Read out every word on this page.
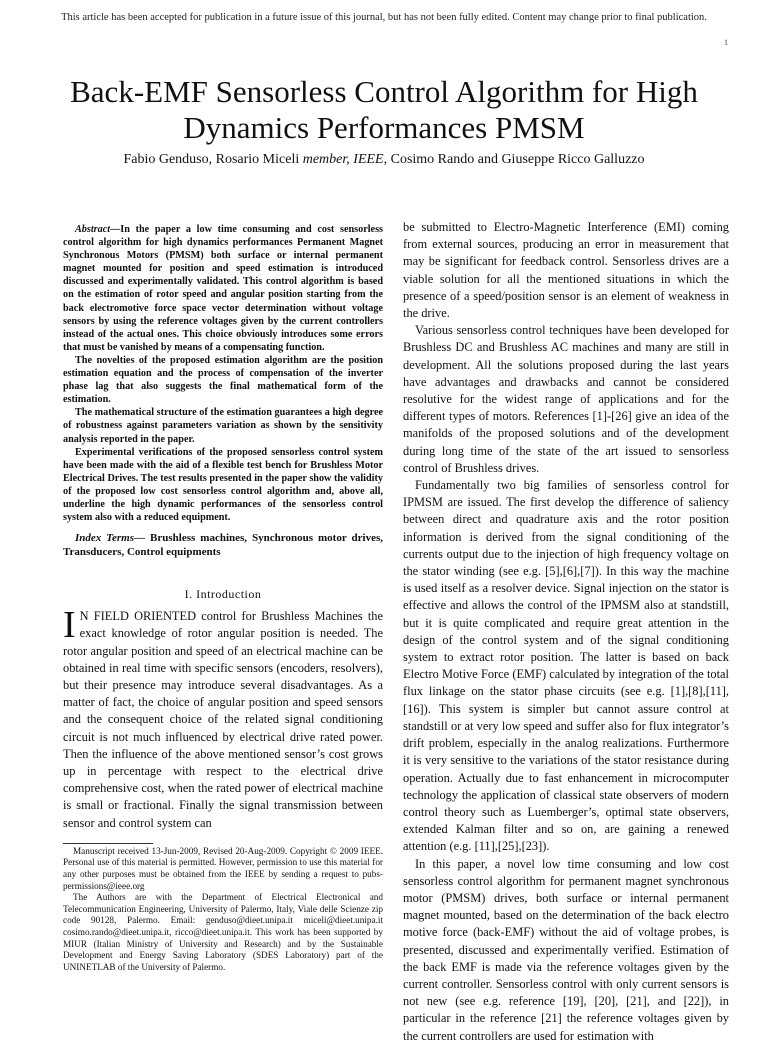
This article has been accepted for publication in a future issue of this journal, but has not been fully edited. Content may change prior to final publication.
1
Back-EMF Sensorless Control Algorithm for High Dynamics Performances PMSM
Fabio Genduso, Rosario Miceli member, IEEE, Cosimo Rando and Giuseppe Ricco Galluzzo

Abstract—In the paper a low time consuming and cost sensorless control algorithm for high dynamics performances Permanent Magnet Synchronous Motors (PMSM) both surface or internal permanent magnet mounted for position and speed estimation is introduced discussed and experimentally validated. This control algorithm is based on the estimation of rotor speed and angular position starting from the back electromotive force space vector determination without voltage sensors by using the reference voltages given by the current controllers instead of the actual ones. This choice obviously introduces some errors that must be vanished by means of a compensating function.

The novelties of the proposed estimation algorithm are the position estimation equation and the process of compensation of the inverter phase lag that also suggests the final mathematical form of the estimation.

The mathematical structure of the estimation guarantees a high degree of robustness against parameters variation as shown by the sensitivity analysis reported in the paper.

Experimental verifications of the proposed sensorless control system have been made with the aid of a flexible test bench for Brushless Motor Electrical Drives. The test results presented in the paper show the validity of the proposed low cost sensorless control algorithm and, above all, underline the high dynamic performances of the sensorless control system also with a reduced equipment.

Index Terms— Brushless machines, Synchronous motor drives, Transducers, Control equipments
I. Introduction

I N FIELD ORIENTED control for Brushless Machines the exact knowledge of rotor angular position is needed. The rotor angular position and speed of an electrical machine can be obtained in real time with specific sensors (encoders, resolvers), but their presence may introduce several disadvantages. As a matter of fact, the choice of angular position and speed sensors and the consequent choice of the related signal conditioning circuit is not much influenced by electrical drive rated power. Then the influence of the above mentioned sensor’s cost grows up in percentage with respect to the electrical drive comprehensive cost, when the rated power of electrical machine is small or fractional. Finally the signal transmission between sensor and control system can

Manuscript received 13-Jun-2009, Revised 20-Aug-2009. Copyright © 2009 IEEE. Personal use of this material is permitted. However, permission to use this material for any other purposes must be obtained from the IEEE by sending a request to pubs-permissions@ieee.org

The Authors are with the Department of Electrical Electronical and Telecommunication Engineering, University of Palermo, Italy, Viale delle Scienze zip code 90128, Palermo. Email: genduso@dieet.unipa.it miceli@dieet.unipa.it cosimo.rando@dieet.unipa.it, ricco@dieet.unipa.it. This work has been supported by MIUR (Italian Ministry of University and Research) and by the Sustainable Development and Energy Saving Laboratory (SDES Laboratory) part of the UNINETLAB of the University of Palermo.

be submitted to Electro-Magnetic Interference (EMI) coming from external sources, producing an error in measurement that may be significant for feedback control. Sensorless drives are a viable solution for all the mentioned situations in which the presence of a speed/position sensor is an element of weakness in the drive.

Various sensorless control techniques have been developed for Brushless DC and Brushless AC machines and many are still in development. All the solutions proposed during the last years have advantages and drawbacks and cannot be considered resolutive for the widest range of applications and for the different types of motors. References [1]-[26] give an idea of the manifolds of the proposed solutions and of the development during long time of the state of the art issued to sensorless control of Brushless drives.

Fundamentally two big families of sensorless control for IPMSM are issued. The first develop the difference of saliency between direct and quadrature axis and the rotor position information is derived from the signal conditioning of the currents output due to the injection of high frequency voltage on the stator winding (see e.g. [5],[6],[7]). In this way the machine is used itself as a resolver device. Signal injection on the stator is effective and allows the control of the IPMSM also at standstill, but it is quite complicated and require great attention in the design of the control system and of the signal conditioning system to extract rotor position. The latter is based on back Electro Motive Force (EMF) calculated by integration of the total flux linkage on the stator phase circuits (see e.g. [1],[8],[11],[16]). This system is simpler but cannot assure control at standstill or at very low speed and suffer also for flux integrator’s drift problem, especially in the analog realizations. Furthermore it is very sensitive to the variations of the stator resistance during operation. Actually due to fast enhancement in microcomputer technology the application of classical state observers of modern control theory such as Luemberger’s, optimal state observers, extended Kalman filter and so on, are gaining a renewed attention (e.g. [11],[25],[23]).

In this paper, a novel low time consuming and low cost sensorless control algorithm for permanent magnet synchronous motor (PMSM) drives, both surface or internal permanent magnet mounted, based on the determination of the back electro motive force (back-EMF) without the aid of voltage probes, is presented, discussed and experimentally verified. Estimation of the back EMF is made via the reference voltages given by the current controller. Sensorless control with only current sensors is not new (see e.g. reference [19], [20], [21], and [22]), in particular in the reference [21] the reference voltages given by the current controllers are used for estimation with
